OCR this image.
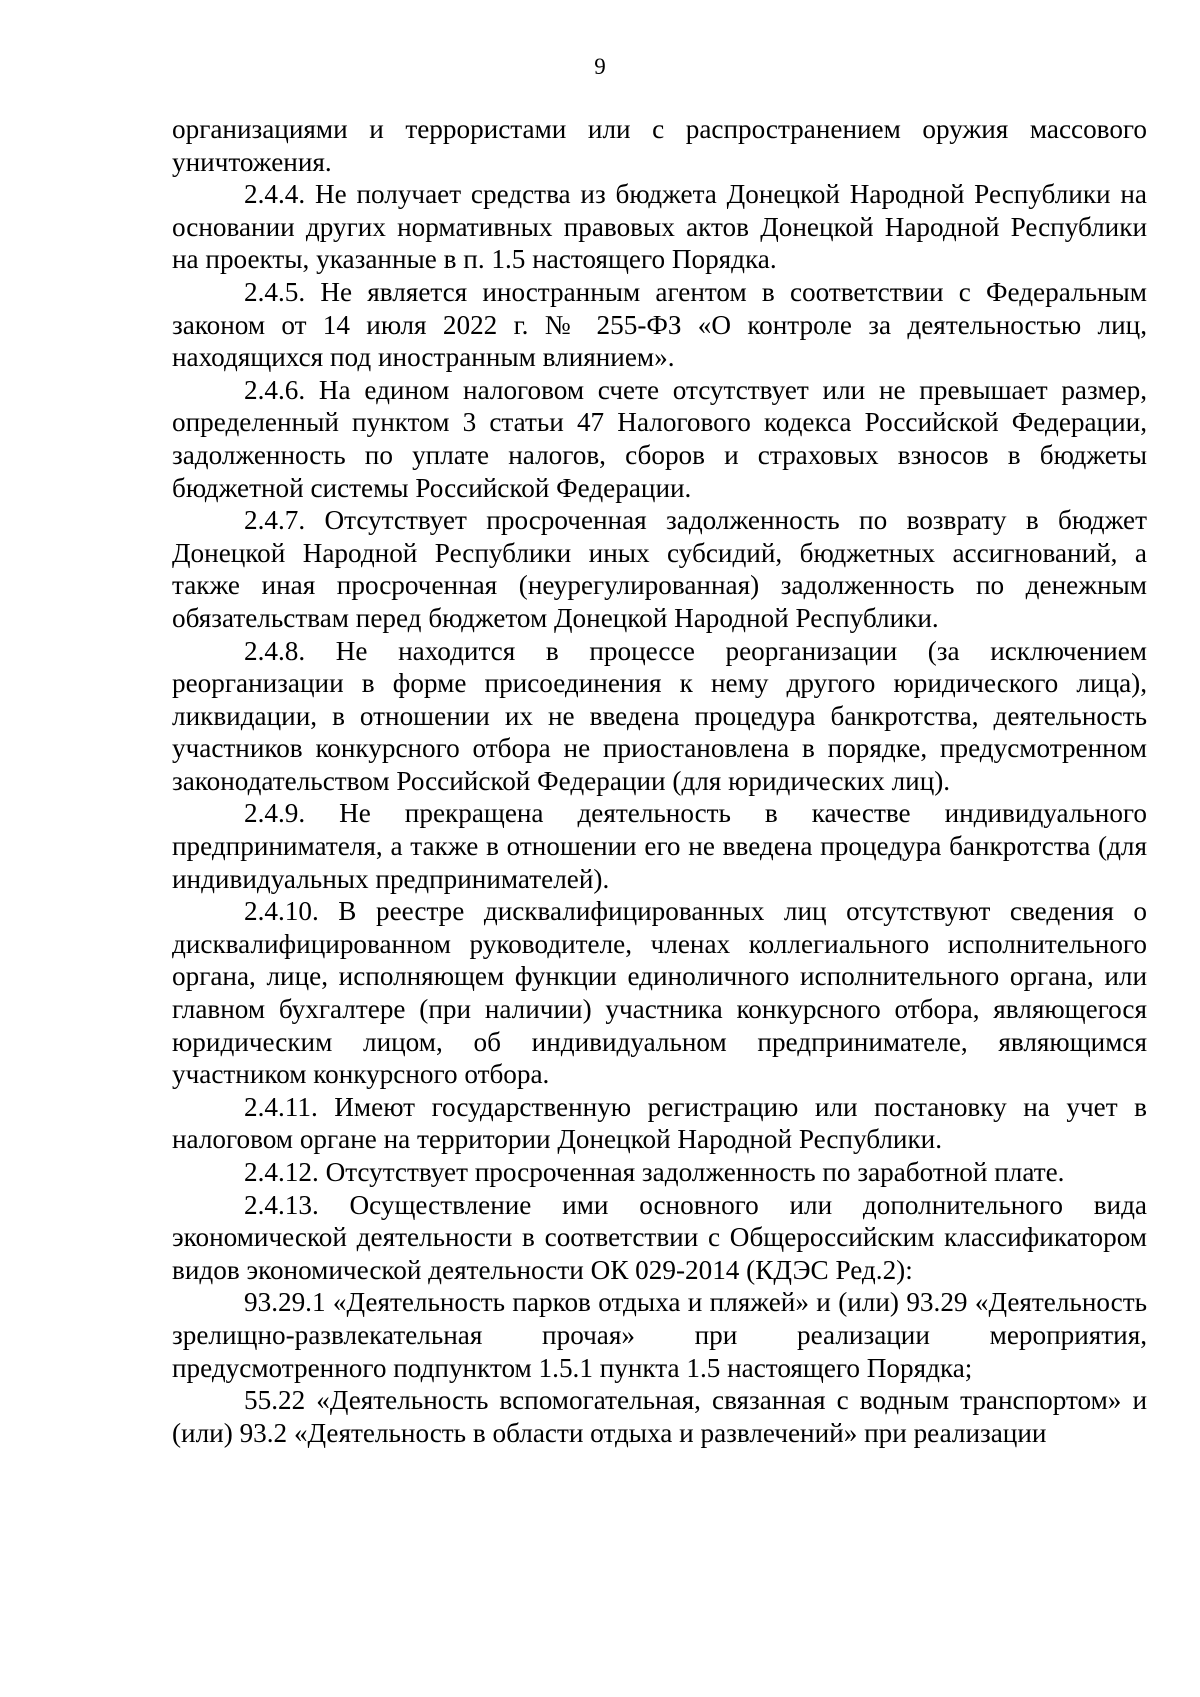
9

организациями и террористами или с распространением оружия массового уничтожения.

2.4.4. Не получает средства из бюджета Донецкой Народной Республики на основании других нормативных правовых актов Донецкой Народной Республики на проекты, указанные в п. 1.5 настоящего Порядка.

2.4.5. Не является иностранным агентом в соответствии с Федеральным законом от 14 июля 2022 г. № 255-ФЗ «О контроле за деятельностью лиц, находящихся под иностранным влиянием».

2.4.6. На едином налоговом счете отсутствует или не превышает размер, определенный пунктом 3 статьи 47 Налогового кодекса Российской Федерации, задолженность по уплате налогов, сборов и страховых взносов в бюджеты бюджетной системы Российской Федерации.

2.4.7. Отсутствует просроченная задолженность по возврату в бюджет Донецкой Народной Республики иных субсидий, бюджетных ассигнований, а также иная просроченная (неурегулированная) задолженность по денежным обязательствам перед бюджетом Донецкой Народной Республики.

2.4.8. Не находится в процессе реорганизации (за исключением реорганизации в форме присоединения к нему другого юридического лица), ликвидации, в отношении их не введена процедура банкротства, деятельность участников конкурсного отбора не приостановлена в порядке, предусмотренном законодательством Российской Федерации (для юридических лиц).

2.4.9. Не прекращена деятельность в качестве индивидуального предпринимателя, а также в отношении его не введена процедура банкротства (для индивидуальных предпринимателей).

2.4.10. В реестре дисквалифицированных лиц отсутствуют сведения о дисквалифицированном руководителе, членах коллегиального исполнительного органа, лице, исполняющем функции единоличного исполнительного органа, или главном бухгалтере (при наличии) участника конкурсного отбора, являющегося юридическим лицом, об индивидуальном предпринимателе, являющимся участником конкурсного отбора.

2.4.11. Имеют государственную регистрацию или постановку на учет в налоговом органе на территории Донецкой Народной Республики.

2.4.12. Отсутствует просроченная задолженность по заработной плате.

2.4.13. Осуществление ими основного или дополнительного вида экономической деятельности в соответствии с Общероссийским классификатором видов экономической деятельности ОК 029-2014 (КДЭС Ред.2):

93.29.1 «Деятельность парков отдыха и пляжей» и (или) 93.29 «Деятельность зрелищно-развлекательная прочая» при реализации мероприятия, предусмотренного подпунктом 1.5.1 пункта 1.5 настоящего Порядка;

55.22 «Деятельность вспомогательная, связанная с водным транспортом» и (или) 93.2 «Деятельность в области отдыха и развлечений» при реализации
